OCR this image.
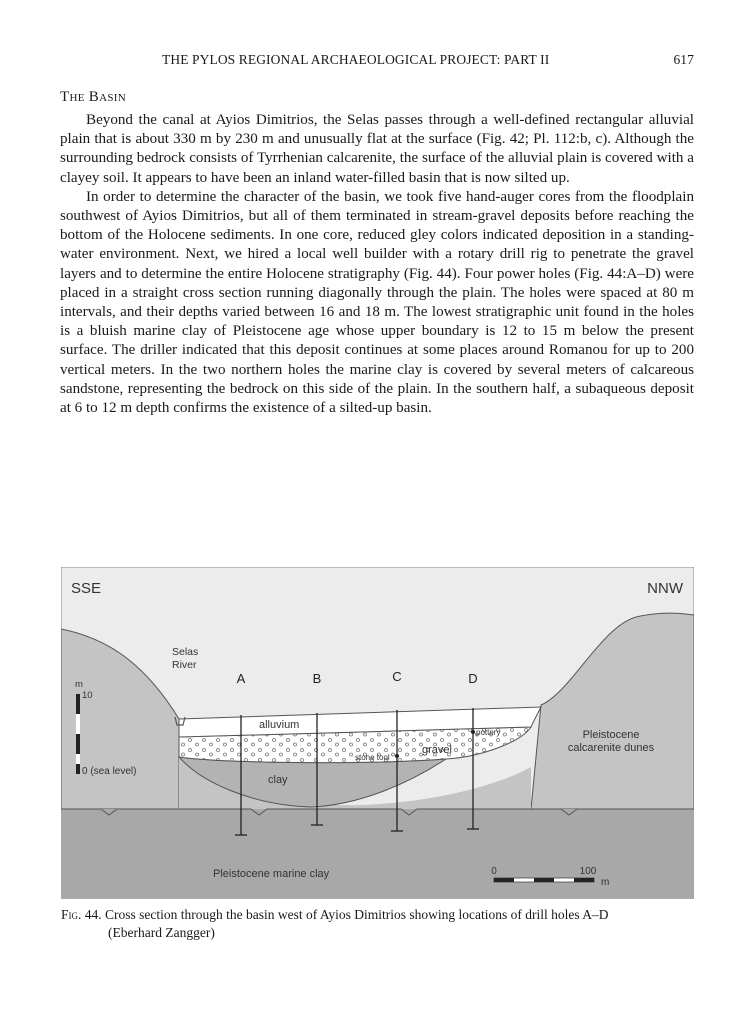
THE PYLOS REGIONAL ARCHAEOLOGICAL PROJECT: PART II	617
The Basin

Beyond the canal at Ayios Dimitrios, the Selas passes through a well-defined rectangular alluvial plain that is about 330 m by 230 m and unusually flat at the surface (Fig. 42; Pl. 112:b, c). Although the surrounding bedrock consists of Tyrrhenian calcarenite, the surface of the alluvial plain is covered with a clayey soil. It appears to have been an inland water-filled basin that is now silted up.

In order to determine the character of the basin, we took five hand-auger cores from the floodplain southwest of Ayios Dimitrios, but all of them terminated in stream-gravel deposits before reaching the bottom of the Holocene sediments. In one core, reduced gley colors indicated deposition in a standing-water environment. Next, we hired a local well builder with a rotary drill rig to penetrate the gravel layers and to determine the entire Holocene stratigraphy (Fig. 44). Four power holes (Fig. 44:A–D) were placed in a straight cross section running diagonally through the plain. The holes were spaced at 80 m intervals, and their depths varied between 16 and 18 m. The lowest stratigraphic unit found in the holes is a bluish marine clay of Pleistocene age whose upper boundary is 12 to 15 m below the present surface. The driller indicated that this deposit continues at some places around Romanou for up to 200 vertical meters. In the two northern holes the marine clay is covered by several meters of calcareous sandstone, representing the bedrock on this side of the plain. In the southern half, a subaqueous deposit at 6 to 12 m depth confirms the existence of a silted-up basin.

SSE	NNW
Selas
River
A	B	C	D
alluvium
gravel
clay
pottery
stone tool
Pleistocene
calcarenite dunes
Pleistocene marine clay
m
10
0 (sea level)
0	100
m
Fig. 44. Cross section through the basin west of Ayios Dimitrios showing locations of drill holes A–D
(Eberhard Zangger)
